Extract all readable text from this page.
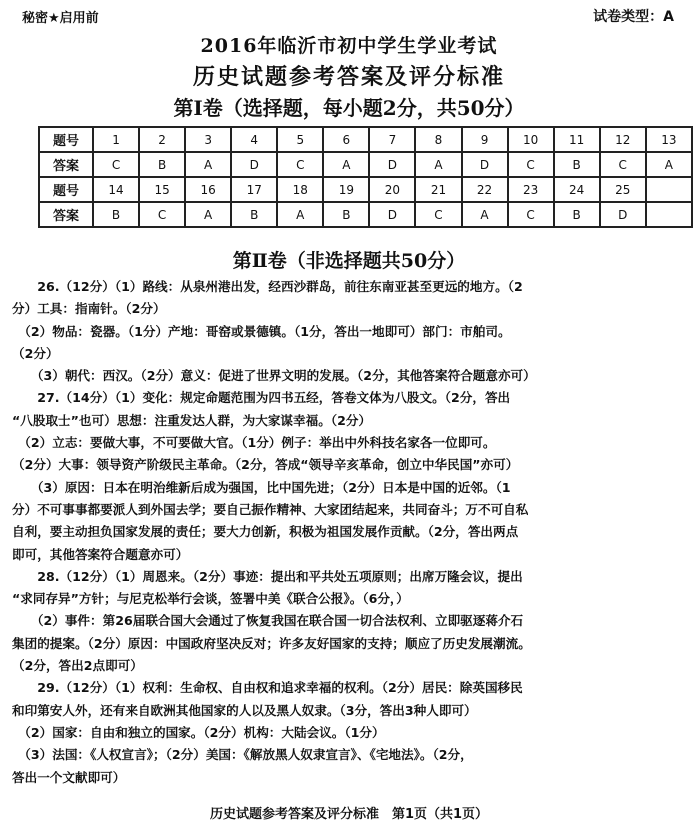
秘密★启用前	试卷类型：A
2016年临沂市初中学生学业考试
历史试题参考答案及评分标准
第Ⅰ卷（选择题，每小题2分，共50分）
题号	1	2	3	4	5	6	7	8	9	10	11	12	13
答案	C	B	A	D	C	A	D	A	D	C	B	C	A
题号	14	15	16	17	18	19	20	21	22	23	24	25	
答案	B	C	A	B	A	B	D	C	A	C	B	D	
第Ⅱ卷（非选择题共50分）

　　26.（12分）（1）路线：从泉州港出发，经西沙群岛，前往东南亚甚至更远的地方。（2

分）工具：指南针。（2分）

　（2）物品：瓷器。（1分）产地：哥窑或景德镇。（1分，答出一地即可）部门：市舶司。

（2分）

　　（3）朝代：西汉。（2分）意义：促进了世界文明的发展。（2分，其他答案符合题意亦可）

　　27.（14分）（1）变化：规定命题范围为四书五经，答卷文体为八股文。（2分，答出

“八股取士”也可）思想：注重发达人群，为大家谋幸福。（2分）

　（2）立志：要做大事，不可要做大官。（1分）例子：举出中外科技名家各一位即可。

（2分）大事：领导资产阶级民主革命。（2分，答成“领导辛亥革命，创立中华民国”亦可）

　　（3）原因：日本在明治维新后成为强国，比中国先进；（2分）日本是中国的近邻。（1

分）不可事事都要派人到外国去学；要自己振作精神、大家团结起来，共同奋斗；万不可自私

自利，要主动担负国家发展的责任；要大力创新，积极为祖国发展作贡献。（2分，答出两点

即可，其他答案符合题意亦可）

　　28.（12分）（1）周恩来。（2分）事迹：提出和平共处五项原则；出席万隆会议，提出

“求同存异”方针；与尼克松举行会谈，签署中美《联合公报》。（6分，）

　　（2）事件：第26届联合国大会通过了恢复我国在联合国一切合法权利、立即驱逐蒋介石

集团的提案。（2分）原因：中国政府坚决反对；许多友好国家的支持；顺应了历史发展潮流。

（2分，答出2点即可）

　　29.（12分）（1）权利：生命权、自由权和追求幸福的权利。（2分）居民：除英国移民

和印第安人外，还有来自欧洲其他国家的人以及黑人奴隶。（3分，答出3种人即可）

　（2）国家：自由和独立的国家。（2分）机构：大陆会议。（1分）

　（3）法国：《人权宣言》；（2分）美国：《解放黑人奴隶宣言》、《宅地法》。（2分，

答出一个文献即可）

历史试题参考答案及评分标准　第1页（共1页）
